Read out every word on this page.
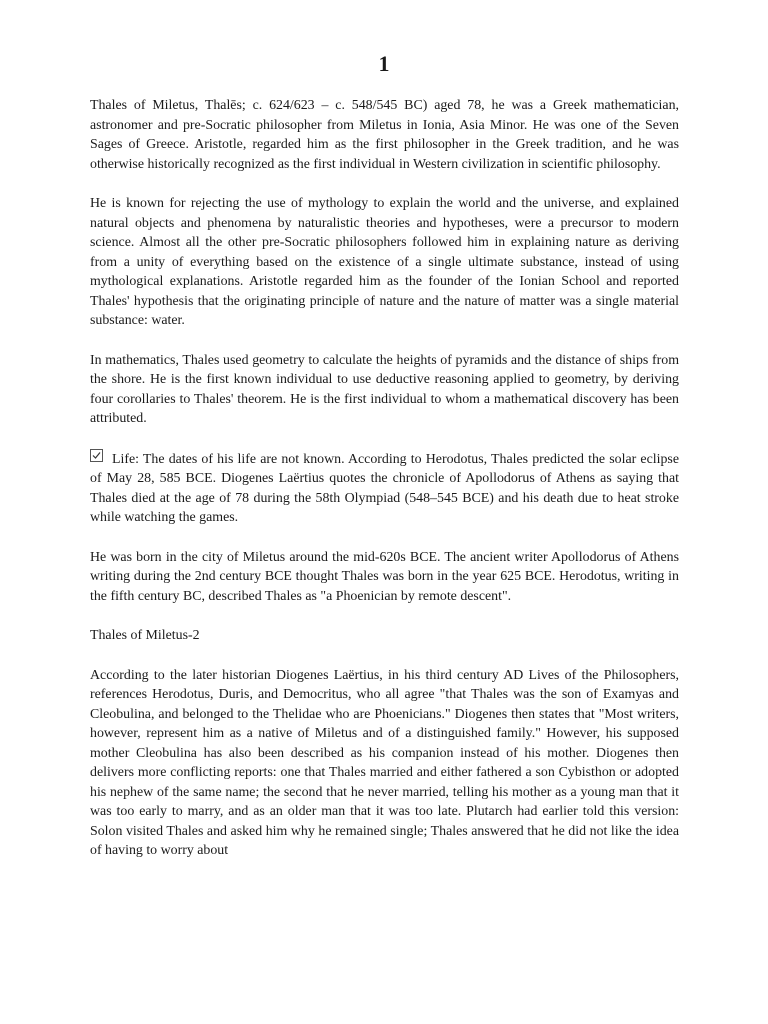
1

Thales of Miletus, Thalēs; c. 624/623 – c. 548/545 BC) aged 78, he was a Greek mathematician, astronomer and pre-Socratic philosopher from Miletus in Ionia, Asia Minor. He was one of the Seven Sages of Greece. Aristotle, regarded him as the first philosopher in the Greek tradition, and he was otherwise historically recognized as the first individual in Western civilization in scientific philosophy.

He is known for rejecting the use of mythology to explain the world and the universe, and explained natural objects and phenomena by naturalistic theories and hypotheses, were a precursor to modern science. Almost all the other pre-Socratic philosophers followed him in explaining nature as deriving from a unity of everything based on the existence of a single ultimate substance, instead of using mythological explanations. Aristotle regarded him as the founder of the Ionian School and reported Thales' hypothesis that the originating principle of nature and the nature of matter was a single material substance: water.

In mathematics, Thales used geometry to calculate the heights of pyramids and the distance of ships from the shore. He is the first known individual to use deductive reasoning applied to geometry, by deriving four corollaries to Thales' theorem. He is the first individual to whom a mathematical discovery has been attributed.

Life: The dates of his life are not known. According to Herodotus, Thales predicted the solar eclipse of May 28, 585 BCE. Diogenes Laërtius quotes the chronicle of Apollodorus of Athens as saying that Thales died at the age of 78 during the 58th Olympiad (548–545 BCE) and his death due to heat stroke while watching the games.

He was born in the city of Miletus around the mid-620s BCE. The ancient writer Apollodorus of Athens writing during the 2nd century BCE thought Thales was born in the year 625 BCE. Herodotus, writing in the fifth century BC, described Thales as "a Phoenician by remote descent".

Thales of Miletus-2

According to the later historian Diogenes Laërtius, in his third century AD Lives of the Philosophers, references Herodotus, Duris, and Democritus, who all agree "that Thales was the son of Examyas and Cleobulina, and belonged to the Thelidae who are Phoenicians." Diogenes then states that "Most writers, however, represent him as a native of Miletus and of a distinguished family." However, his supposed mother Cleobulina has also been described as his companion instead of his mother. Diogenes then delivers more conflicting reports: one that Thales married and either fathered a son Cybisthon or adopted his nephew of the same name; the second that he never married, telling his mother as a young man that it was too early to marry, and as an older man that it was too late. Plutarch had earlier told this version: Solon visited Thales and asked him why he remained single; Thales answered that he did not like the idea of having to worry about
